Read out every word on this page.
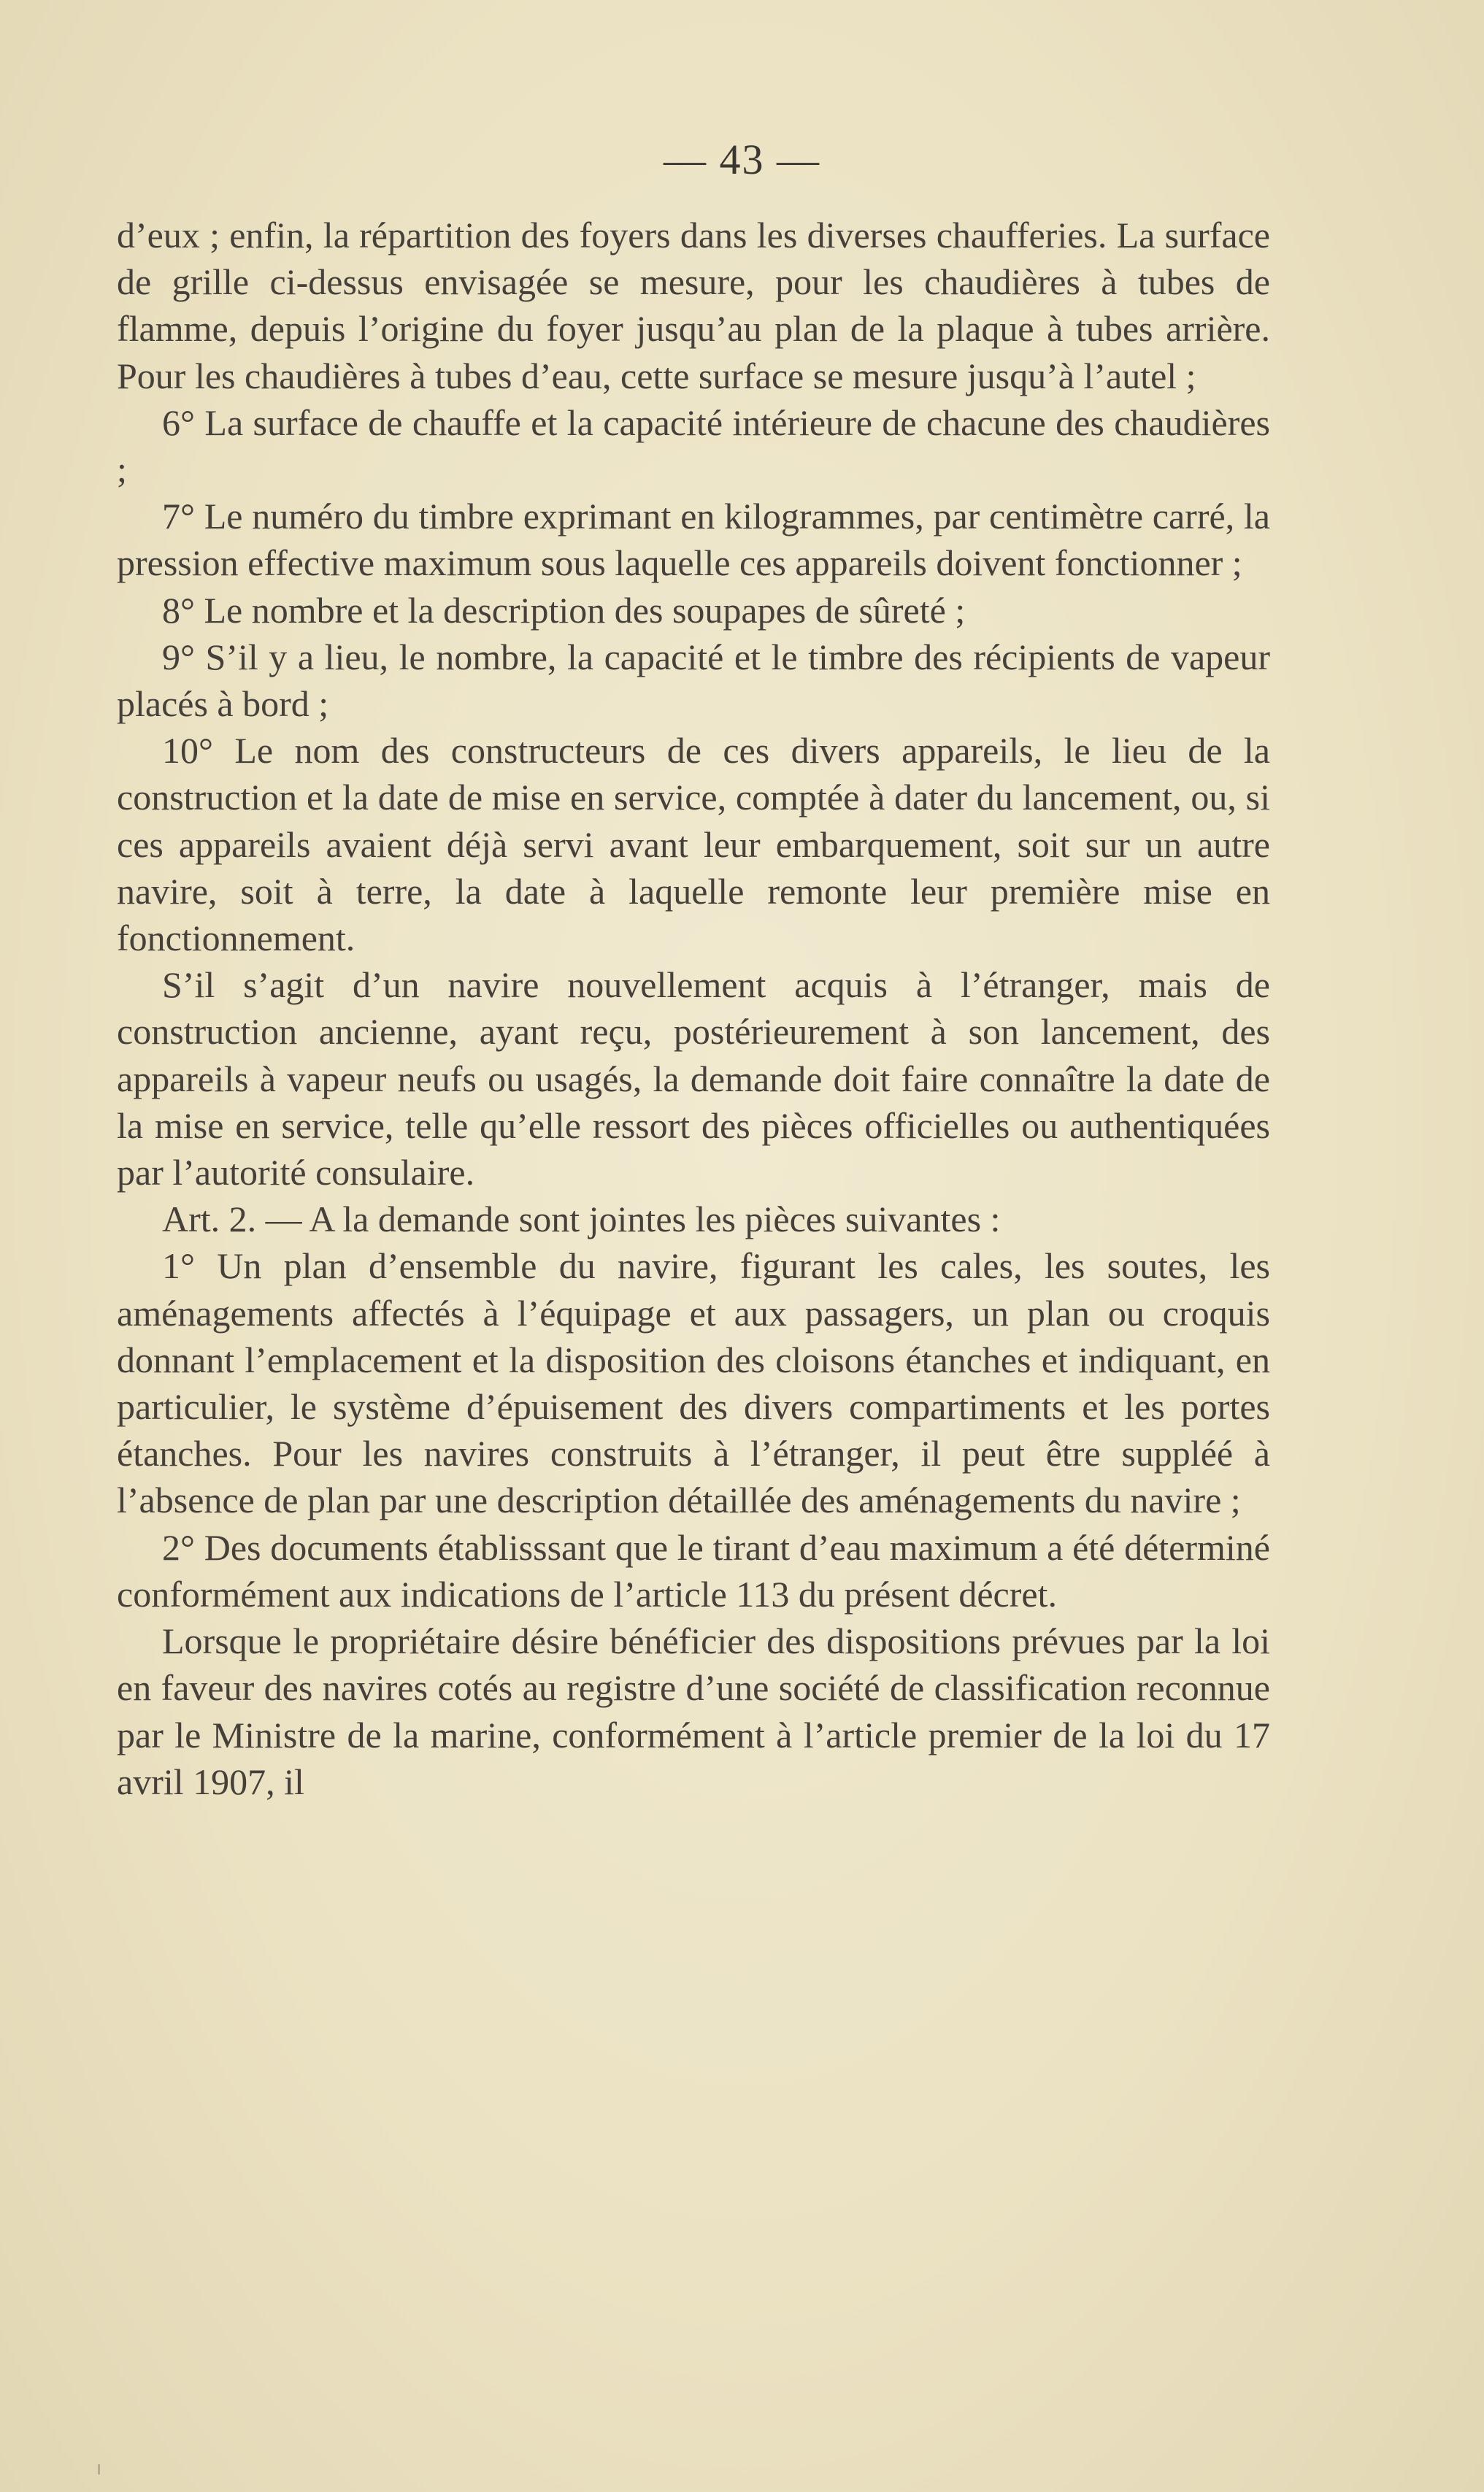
— 43 —

d’eux ; enfin, la répartition des foyers dans les diverses chaufferies. La surface de grille ci-dessus envisagée se mesure, pour les chaudières à tubes de flamme, depuis l’origine du foyer jusqu’au plan de la plaque à tubes arrière. Pour les chaudières à tubes d’eau, cette surface se mesure jusqu’à l’autel ;

6° La surface de chauffe et la capacité intérieure de chacune des chaudières ;

7° Le numéro du timbre exprimant en kilogrammes, par centimètre carré, la pression effective maximum sous laquelle ces appareils doivent fonctionner ;

8° Le nombre et la description des soupapes de sûreté ;

9° S’il y a lieu, le nombre, la capacité et le timbre des récipients de vapeur placés à bord ;

10° Le nom des constructeurs de ces divers appareils, le lieu de la construction et la date de mise en service, comptée à dater du lancement, ou, si ces appareils avaient déjà servi avant leur embarquement, soit sur un autre navire, soit à terre, la date à laquelle remonte leur première mise en fonctionnement.

S’il s’agit d’un navire nouvellement acquis à l’étranger, mais de construction ancienne, ayant reçu, postérieurement à son lancement, des appareils à vapeur neufs ou usagés, la demande doit faire connaître la date de la mise en service, telle qu’elle ressort des pièces officielles ou authentiquées par l’autorité consulaire.

Art. 2. — A la demande sont jointes les pièces suivantes :

1° Un plan d’ensemble du navire, figurant les cales, les soutes, les aménagements affectés à l’équipage et aux passagers, un plan ou croquis donnant l’emplacement et la disposition des cloisons étanches et indiquant, en particulier, le système d’épuisement des divers compartiments et les portes étanches. Pour les navires construits à l’étranger, il peut être suppléé à l’absence de plan par une description détaillée des aménagements du navire ;

2° Des documents établisssant que le tirant d’eau maximum a été déterminé conformément aux indications de l’article 113 du présent décret.

Lorsque le propriétaire désire bénéficier des dispositions prévues par la loi en faveur des navires cotés au registre d’une société de classification reconnue par le Ministre de la marine, conformément à l’article premier de la loi du 17 avril 1907, il
